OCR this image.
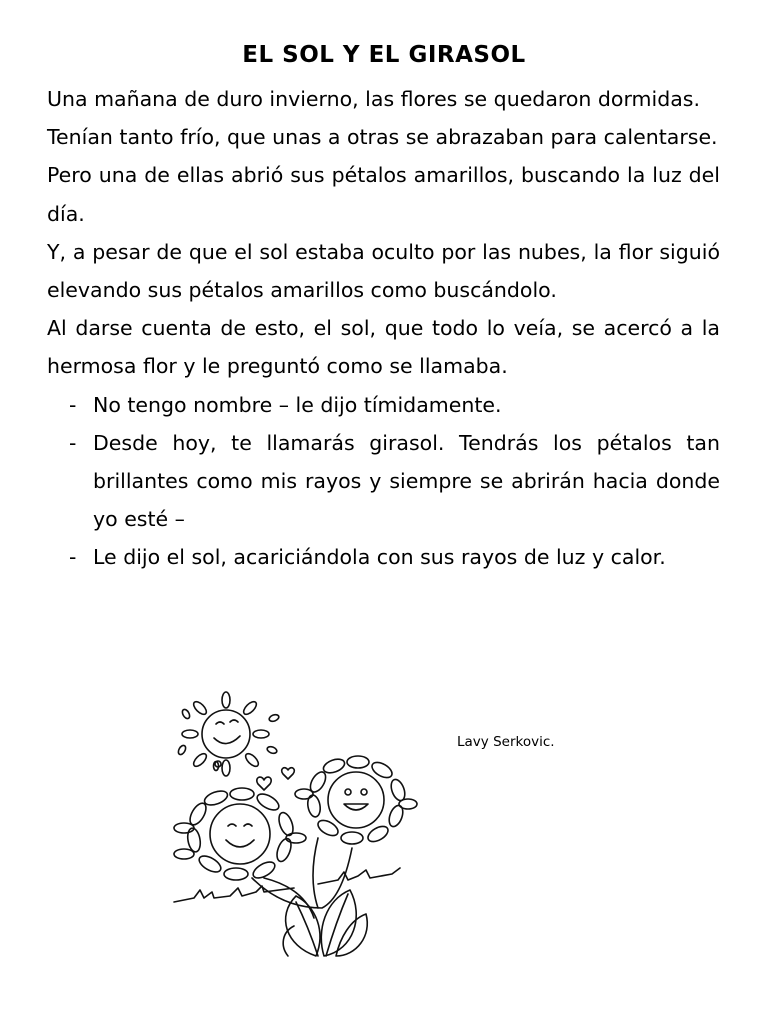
EL SOL Y EL GIRASOL

Una mañana de duro invierno, las flores se quedaron dormidas.

Tenían tanto frío, que unas a otras se abrazaban para calentarse.

Pero una de ellas abrió sus pétalos amarillos, buscando la luz del día.

Y, a pesar de que el sol estaba oculto por las nubes, la flor siguió elevando sus pétalos amarillos como buscándolo.

Al darse cuenta de esto, el sol, que todo lo veía, se acercó a la hermosa flor y le preguntó como se llamaba.

- No tengo nombre – le dijo tímidamente.
- Desde hoy, te llamarás girasol. Tendrás los pétalos tan brillantes como mis rayos y siempre se abrirán hacia donde yo esté –
- Le dijo el sol, acariciándola con sus rayos de luz y calor.

Lavy Serkovic.
